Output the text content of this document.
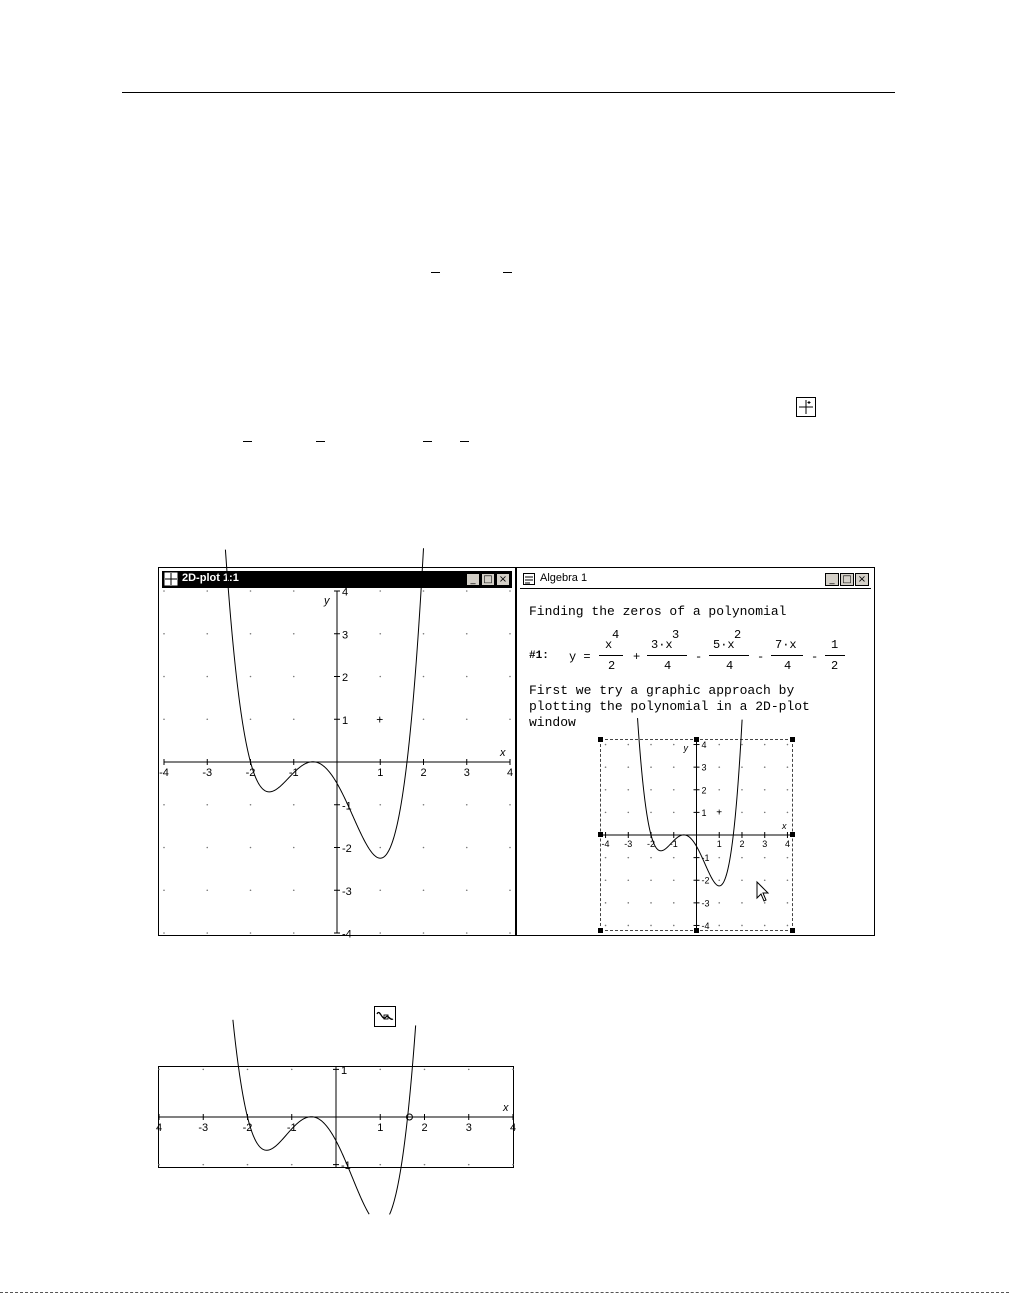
2D-plot 1:1	_ □ ×
-4	-3	-2	-1	1	2	3	4
4
3
2
1
-1
-2
-3
-4
x
y
+
Algebra 1	_ □ ×
Finding the zeros of a polynomial
#1: y =
4
x
2
+
3
3·x
4
-
2
5·x
4
-
7·x
4
-
1
2
First we try a graphic approach by
plotting the polynomial in a 2D-plot
window
-4 -3 -2 -1	1 2 3 4
4
3
2
1
-1
-2
-3
-4
x
y
+
4	-3	-2	-1	1	2	3	4
1
-1
x
